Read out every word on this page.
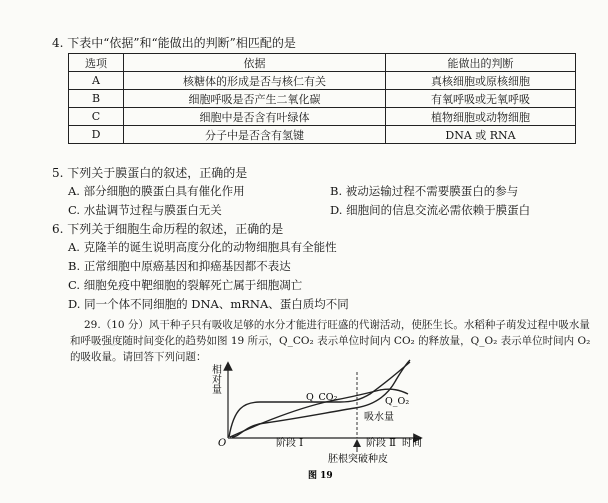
4. 下表中“依据”和“能做出的判断”相匹配的是
选项	依据	能做出的判断
A	核糖体的形成是否与核仁有关	真核细胞或原核细胞
B	细胞呼吸是否产生二氧化碳	有氧呼吸或无氧呼吸
C	细胞中是否含有叶绿体	植物细胞或动物细胞
D	分子中是否含有氢键	DNA 或 RNA
5. 下列关于膜蛋白的叙述，正确的是
A. 部分细胞的膜蛋白具有催化作用	B. 被动运输过程不需要膜蛋白的参与
C. 水盐调节过程与膜蛋白无关	D. 细胞间的信息交流必需依赖于膜蛋白
6. 下列关于细胞生命历程的叙述，正确的是
A. 克隆羊的诞生说明高度分化的动物细胞具有全能性
B. 正常细胞中原癌基因和抑癌基因都不表达
C. 细胞免疫中靶细胞的裂解死亡属于细胞凋亡
D. 同一个体不同细胞的 DNA、mRNA、蛋白质均不同
29.（10 分）风干种子只有吸收足够的水分才能进行旺盛的代谢活动，使胚生长。水稻种子萌发过程中吸水量
和呼吸强度随时间变化的趋势如图 19 所示，Q_CO₂ 表示单位时间内 CO₂ 的释放量，Q_O₂ 表示单位时间内 O₂
的吸收量。请回答下列问题：
相
对
量
O
Q_CO₂	Q_O₂
吸水量
阶段 Ⅰ	阶段 Ⅱ 时间
胚根突破种皮
图 19
